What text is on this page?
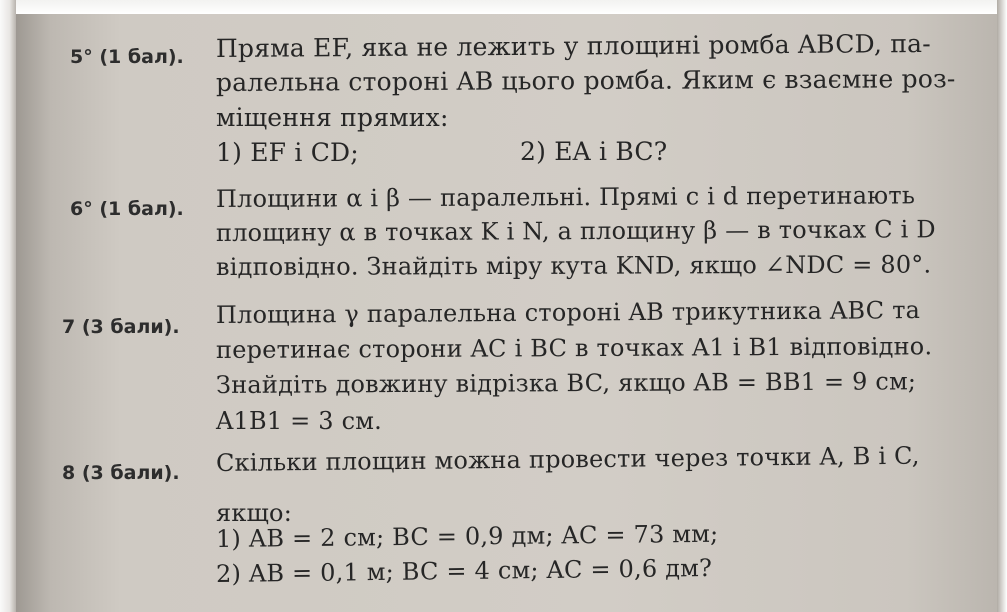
5° (1 бал). Пряма EF, яка не лежить у площині ромба ABCD, па-
ралельна стороні AB цього ромба. Яким є взаємне роз-
міщення прямих:
1) EF і CD;	2) EA і BC?
6° (1 бал). Площини α і β — паралельні. Прямі c і d перетинають
площину α в точках K і N, а площину β — в точках C і D
відповідно. Знайдіть міру кута KND, якщо ∠NDC = 80°.
7 (3 бали). Площина γ паралельна стороні AB трикутника ABC та
перетинає сторони AC і BC в точках A1 і B1 відповідно.
Знайдіть довжину відрізка BC, якщо AB = BB1 = 9 см;
A1B1 = 3 см.
8 (3 бали). Скільки площин можна провести через точки A, B і C,
якщо:
1) AB = 2 см; BC = 0,9 дм; AC = 73 мм;
2) AB = 0,1 м; BC = 4 см; AC = 0,6 дм?
